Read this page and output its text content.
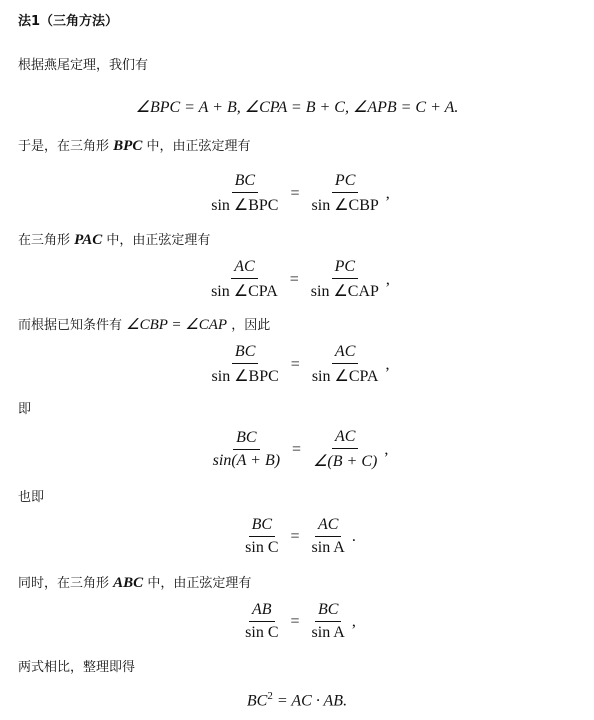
法1（三角方法）
根据燕尾定理，我们有
∠BPC = A + B, ∠CPA = B + C, ∠APB = C + A.
于是，在三角形 BPC 中，由正弦定理有
$\frac{BC}{\text{sin ∠BPC}} = \frac{PC}{\text{sin ∠CBP}}$ ,
在三角形 PAC 中，由正弦定理有
$\frac{AC}{\text{sin ∠CPA}} = \frac{PC}{\text{sin ∠CAP}}$ ,
而根据已知条件有 ∠CBP = ∠CAP ，因此
$\frac{BC}{\text{sin ∠BPC}} = \frac{AC}{\text{sin ∠CPA}}$ ,
即
$\frac{BC}{\sin(A + B)} = \frac{AC}{\angle(B + C)}$ ,
也即
$\frac{BC}{\text{sin C}} = \frac{AC}{\text{sin A}}$ .
同时，在三角形 ABC 中，由正弦定理有
$\frac{AB}{\text{sin C}} = \frac{BC}{\text{sin A}}$ ,
两式相比，整理即得
$BC^2$ = AC · AB.
